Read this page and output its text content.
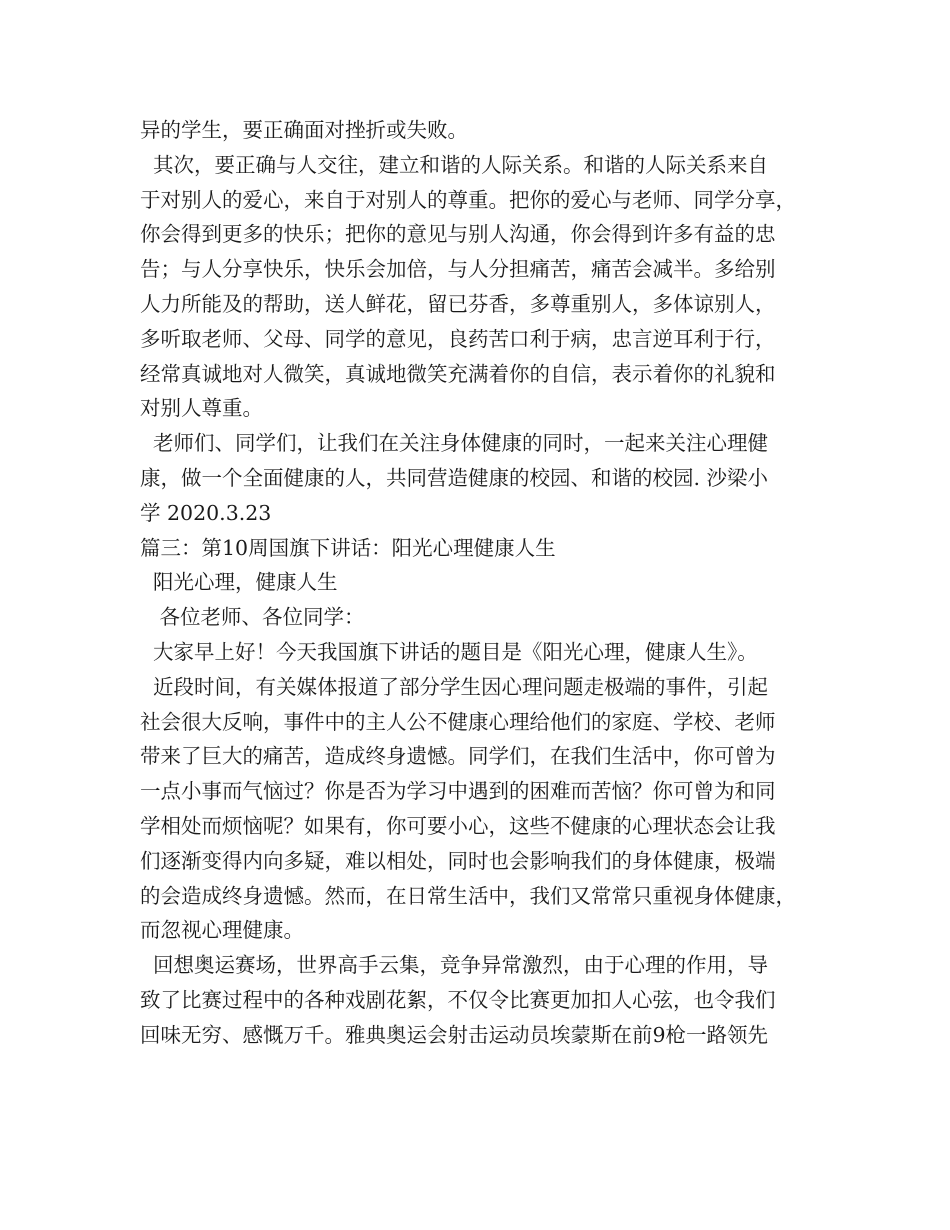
异的学生，要正确面对挫折或失败。
其次，要正确与人交往，建立和谐的人际关系。和谐的人际关系来自
于对别人的爱心，来自于对别人的尊重。把你的爱心与老师、同学分享，
你会得到更多的快乐；把你的意见与别人沟通，你会得到许多有益的忠
告；与人分享快乐，快乐会加倍，与人分担痛苦，痛苦会减半。多给别
人力所能及的帮助，送人鲜花，留已芬香，多尊重别人，多体谅别人，
多听取老师、父母、同学的意见，良药苦口利于病，忠言逆耳利于行，
经常真诚地对人微笑，真诚地微笑充满着你的自信，表示着你的礼貌和
对别人尊重。
老师们、同学们，让我们在关注身体健康的同时，一起来关注心理健
康，做一个全面健康的人，共同营造健康的校园、和谐的校园. 沙梁小
学 2020.3.23
篇三：第10周国旗下讲话：阳光心理健康人生
阳光心理，健康人生
各位老师、各位同学：
大家早上好！今天我国旗下讲话的题目是《阳光心理，健康人生》。
近段时间，有关媒体报道了部分学生因心理问题走极端的事件，引起
社会很大反响，事件中的主人公不健康心理给他们的家庭、学校、老师
带来了巨大的痛苦，造成终身遗憾。同学们，在我们生活中，你可曾为
一点小事而气恼过？你是否为学习中遇到的困难而苦恼？你可曾为和同
学相处而烦恼呢？如果有，你可要小心，这些不健康的心理状态会让我
们逐渐变得内向多疑，难以相处，同时也会影响我们的身体健康，极端
的会造成终身遗憾。然而，在日常生活中，我们又常常只重视身体健康，
而忽视心理健康。
回想奥运赛场，世界高手云集，竞争异常激烈，由于心理的作用，导
致了比赛过程中的各种戏剧花絮，不仅令比赛更加扣人心弦，也令我们
回味无穷、感慨万千。雅典奥运会射击运动员埃蒙斯在前9枪一路领先
